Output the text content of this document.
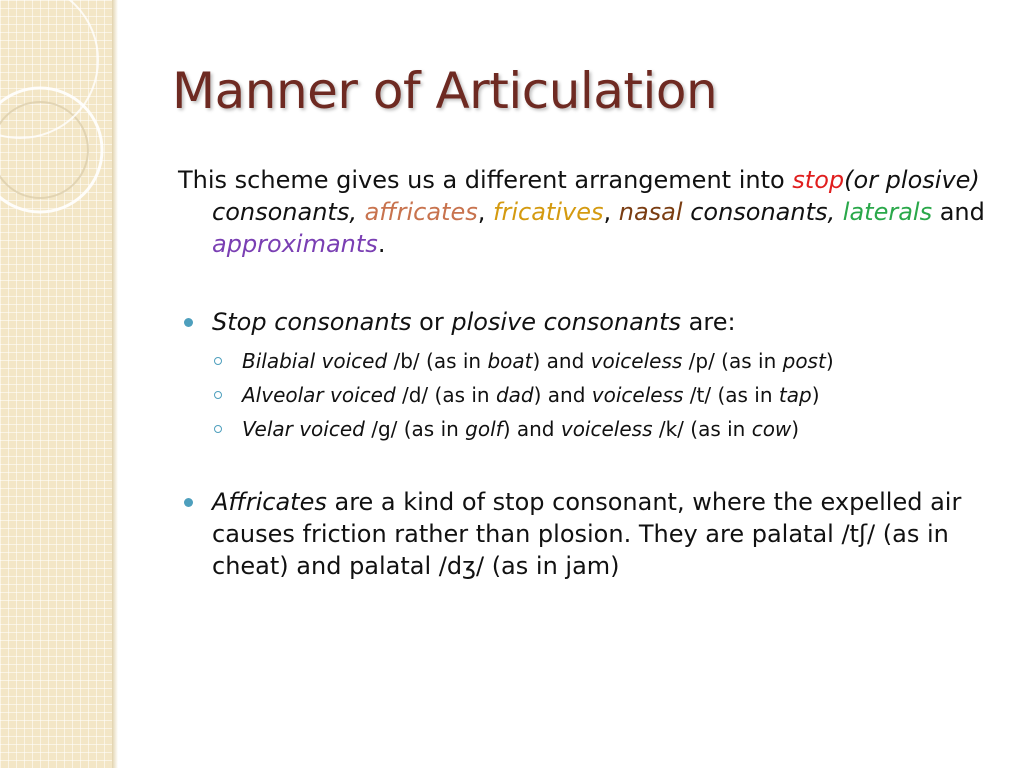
Manner of Articulation
This scheme gives us a different arrangement into stop(or plosive) consonants, affricates, fricatives, nasal consonants, laterals and approximants.
Stop consonants or plosive consonants are:
Bilabial voiced /b/ (as in boat) and voiceless /p/ (as in post)
Alveolar voiced /d/ (as in dad) and voiceless /t/ (as in tap)
Velar voiced /g/ (as in golf) and voiceless /k/ (as in cow)
Affricates are a kind of stop consonant, where the expelled air causes friction rather than plosion. They are palatal /tʃ/ (as in cheat) and palatal /dʒ/ (as in jam)
